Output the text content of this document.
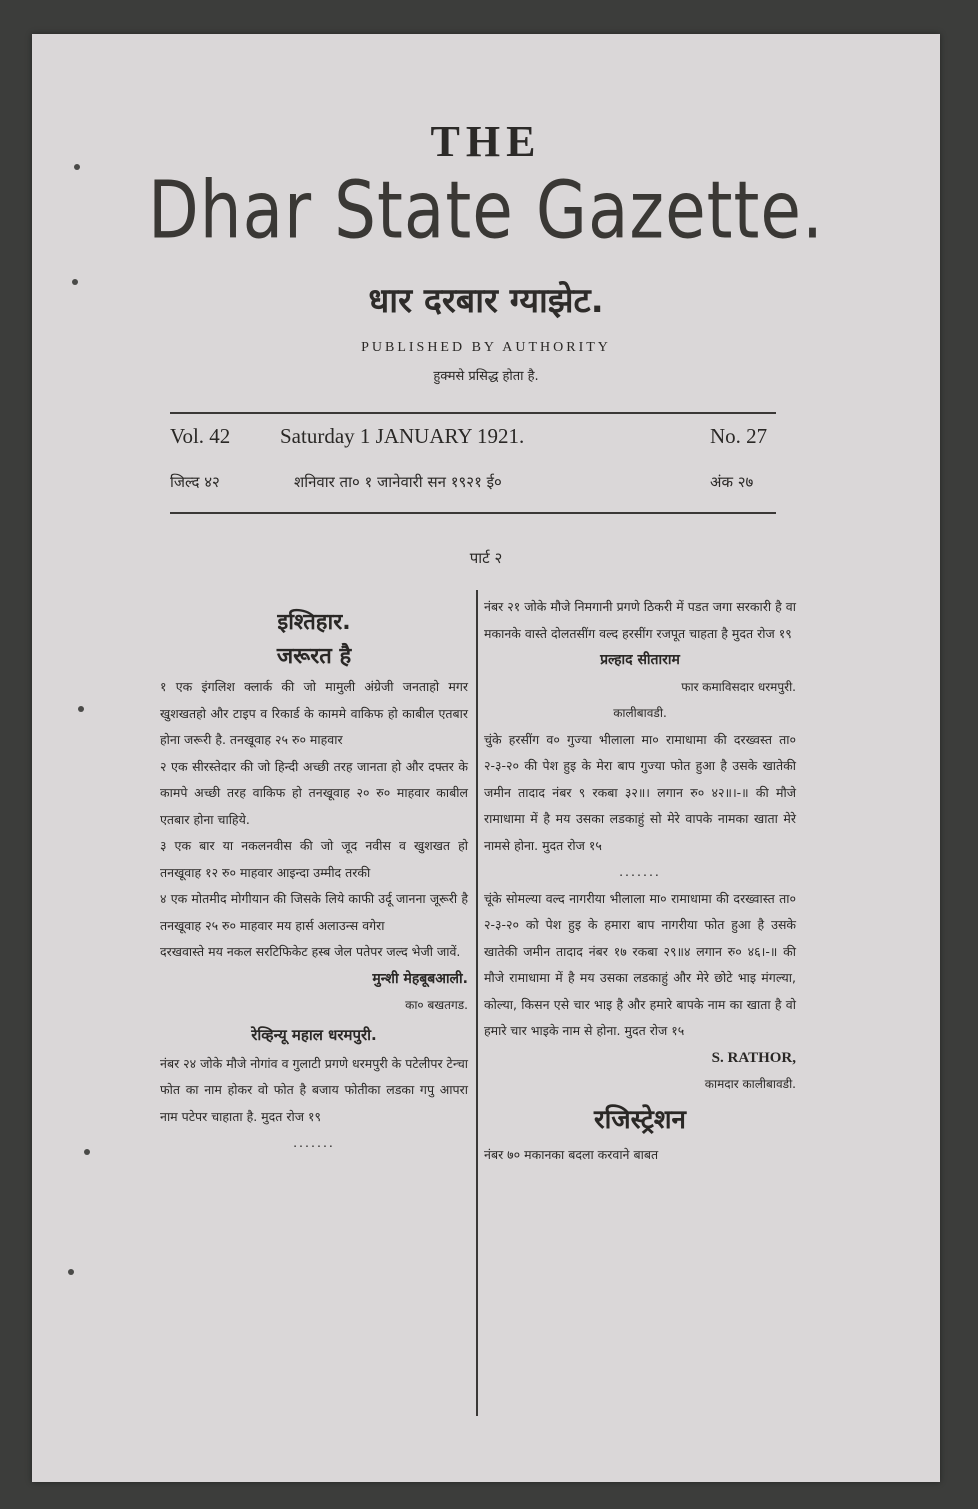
THE
Dhar State Gazette.
धार दरबार ग्याझेट.
PUBLISHED BY AUTHORITY
हुक्मसे प्रसिद्ध होता है.
Vol. 42 Saturday 1 JANUARY 1921.	No. 27
जिल्द ४२	शनिवार ता० १ जानेवारी सन १९२१ ई०	अंक २७
पार्ट २

इश्तिहार.

जरूरत है

१ एक इंगलिश क्लार्क की जो मामुली अंग्रेजी जनताहो मगर खुशखतहो और टाइप व रिकार्ड के काममे वाकिफ हो काबील एतबार होना जरूरी है. तनखूवाह २५ रु० माहवार

२ एक सीरस्तेदार की जो हिन्दी अच्छी तरह जानता हो और दफ्तर के कामपे अच्छी तरह वाकिफ हो तनखूवाह २० रु० माहवार काबील एतबार होना चाहिये.

३ एक बार या नकलनवीस की जो जूद नवीस व खुशखत हो तनखूवाह १२ रु० माहवार आइन्दा उम्मीद तरकी

४ एक मोतमीद मोगीयान की जिसके लिये काफी उर्दू जानना जूरूरी है तनखूवाह २५ रु० माहवार मय हार्स अलाउन्स वगेरा

दरखवास्ते मय नकल सरटिफिकेट हस्ब जेल पतेपर जल्द भेजी जावें.

मुन्शी मेहबूबआली.

का० बखतगड.

रेव्हिन्यू महाल धरमपुरी.

नंबर २४ जोके मौजे नोगांव व गुलाटी प्रगणे धरमपुरी के पटेलीपर टेन्चा फोत का नाम होकर वो फोत है बजाय फोतीका लडका गपु आपरा नाम पटेपर चाहाता है. मुदत रोज १९

.......

नंबर २१ जोके मौजे निमगानी प्रगणे ठिकरी में पडत जगा सरकारी है वा मकानके वास्ते दोलतसींग वल्द हरसींग रजपूत चाहता है मुदत रोज १९

प्रल्हाद सीताराम

फार कमाविसदार धरमपुरी.

कालीबावडी.

चुंके हरसींग व० गुज्या भीलाला मा० रामाधामा की दरख्वस्त ता० २-३-२० की पेश हुइ के मेरा बाप गुज्या फोत हुआ है उसके खातेकी जमीन तादाद नंबर ९ रकबा ३२॥। लगान रु० ४२॥।-॥ की मौजे रामाधामा में है मय उसका लडकाहुं सो मेरे वापके नामका खाता मेरे नामसे होना. मुदत रोज १५

.......

चूंके सोमल्या वल्द नागरीया भीलाला मा० रामाधामा की दरख्वास्त ता० २-३-२० को पेश हुइ के हमारा बाप नागरीया फोत हुआ है उसके खातेकी जमीन तादाद नंबर १७ रकबा २९॥४ लगान रु० ४६।-॥ की मौजे रामाधामा में है मय उसका लडकाहुं और मेरे छोटे भाइ मंगल्या, कोल्या, किसन एसे चार भाइ है और हमारे बापके नाम का खाता है वो हमारे चार भाइके नाम से होना. मुदत रोज १५

S. RATHOR,

कामदार कालीबावडी.

रजिस्ट्रेशन

नंबर ७० मकानका बदला करवाने बाबत
